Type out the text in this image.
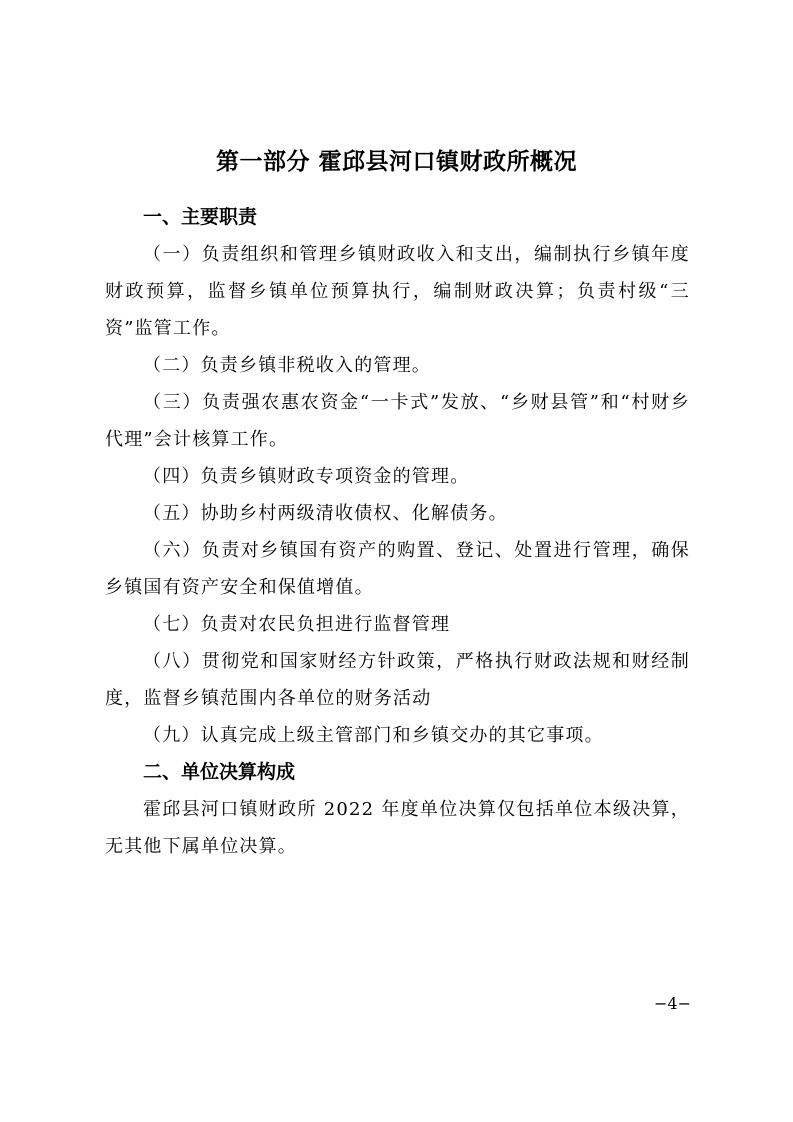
第一部分 霍邱县河口镇财政所概况

一、主要职责

（一）负责组织和管理乡镇财政收入和支出，编制执行乡镇年度财政预算，监督乡镇单位预算执行，编制财政决算；负责村级“三资”监管工作。

（二）负责乡镇非税收入的管理。

（三）负责强农惠农资金“一卡式”发放、“乡财县管”和“村财乡代理”会计核算工作。

（四）负责乡镇财政专项资金的管理。

（五）协助乡村两级清收债权、化解债务。

（六）负责对乡镇国有资产的购置、登记、处置进行管理，确保乡镇国有资产安全和保值增值。

（七）负责对农民负担进行监督管理

（八）贯彻党和国家财经方针政策，严格执行财政法规和财经制度，监督乡镇范围内各单位的财务活动

（九）认真完成上级主管部门和乡镇交办的其它事项。

二、单位决算构成

霍邱县河口镇财政所 2022 年度单位决算仅包括单位本级决算，无其他下属单位决算。

−4−
